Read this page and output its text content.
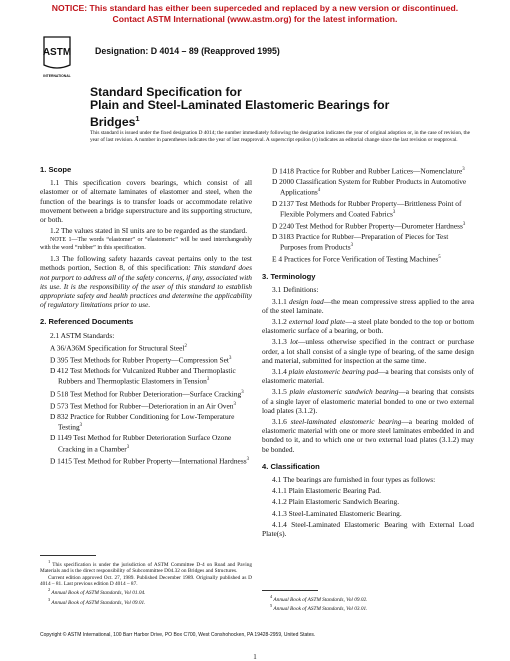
NOTICE: This standard has either been superceded and replaced by a new version or discontinued.
Contact ASTM International (www.astm.org) for the latest information.
ASTM
INTERNATIONAL
Designation: D 4014 – 89 (Reapproved 1995)
Standard Specification for
Plain and Steel-Laminated Elastomeric Bearings for
Bridges$^1$
This standard is issued under the fixed designation D 4014; the number immediately following the designation indicates the year of original adoption or, in the case of revision, the year of last revision. A number in parentheses indicates the year of last reapproval. A superscript epsilon (ε) indicates an editorial change since the last revision or reapproval.
1. Scope

1.1 This specification covers bearings, which consist of all elastomer or of alternate laminates of elastomer and steel, when the function of the bearings is to transfer loads or accommodate relative movement between a bridge superstructure and its supporting structure, or both.

1.2 The values stated in SI units are to be regarded as the standard.

NOTE 1—The words “elastomer” or “elastomeric” will be used interchangeably with the word “rubber” in this specification.

1.3 The following safety hazards caveat pertains only to the test methods portion, Section 8, of this specification: This standard does not purport to address all of the safety concerns, if any, associated with its use. It is the responsibility of the user of this standard to establish appropriate safety and health practices and determine the applicability of regulatory limitations prior to use.

2. Referenced Documents

2.1 ASTM Standards:

A 36/A36M Specification for Structural Steel$^2$
D 395 Test Methods for Rubber Property—Compression Set$^3$
D 412 Test Methods for Vulcanized Rubber and Thermoplastic Rubbers and Thermoplastic Elastomers in Tension$^3$
D 518 Test Method for Rubber Deterioration—Surface Cracking$^3$
D 573 Test Method for Rubber—Deterioration in an Air Oven$^3$
D 832 Practice for Rubber Conditioning for Low-Temperature Testing$^3$
D 1149 Test Method for Rubber Deterioration Surface Ozone Cracking in a Chamber$^3$
D 1415 Test Method for Rubber Property—International Hardness$^3$
D 1418 Practice for Rubber and Rubber Latices—Nomenclature$^3$
D 2000 Classification System for Rubber Products in Automotive Applications$^4$
D 2137 Test Methods for Rubber Property—Brittleness Point of Flexible Polymers and Coated Fabrics$^3$
D 2240 Test Method for Rubber Property—Durometer Hardness$^3$
D 3183 Practice for Rubber—Preparation of Pieces for Test Purposes from Products$^3$
E 4 Practices for Force Verification of Testing Machines$^5$
3. Terminology

3.1 Definitions:

3.1.1 design load—the mean compressive stress applied to the area of the steel laminate.

3.1.2 external load plate—a steel plate bonded to the top or bottom elastomeric surface of a bearing, or both.

3.1.3 lot—unless otherwise specified in the contract or purchase order, a lot shall consist of a single type of bearing, of the same design and material, submitted for inspection at the same time.

3.1.4 plain elastomeric bearing pad—a bearing that consists only of elastomeric material.

3.1.5 plain elastomeric sandwich bearing—a bearing that consists of a single layer of elastomeric material bonded to one or two external load plates (3.1.2).

3.1.6 steel-laminated elastomeric bearing—a bearing molded of elastomeric material with one or more steel laminates embedded in and bonded to it, and to which one or two external load plates (3.1.2) may be bonded.

4. Classification

4.1 The bearings are furnished in four types as follows:

4.1.1 Plain Elastomeric Bearing Pad.

4.1.2 Plain Elastomeric Sandwich Bearing.

4.1.3 Steel-Laminated Elastomeric Bearing.

4.1.4 Steel-Laminated Elastomeric Bearing with External Load Plate(s).

$^1$ This specification is under the jurisdiction of ASTM Committee D-4 on Road and Paving Materials and is the direct responsibility of Subcommittee D04.32 on Bridges and Structures.

Current edition approved Oct. 27, 1989. Published December 1989. Originally published as D 4014 – 81. Last previous edition D 4014 – 87.

$^2$ Annual Book of ASTM Standards, Vol 01.04.

$^3$ Annual Book of ASTM Standards, Vol 09.01.

$^4$ Annual Book of ASTM Standards, Vol 09.02.

$^5$ Annual Book of ASTM Standards, Vol 03.01.

Copyright © ASTM International, 100 Barr Harbor Drive, PO Box C700, West Conshohocken, PA 19428-2959, United States.
1
